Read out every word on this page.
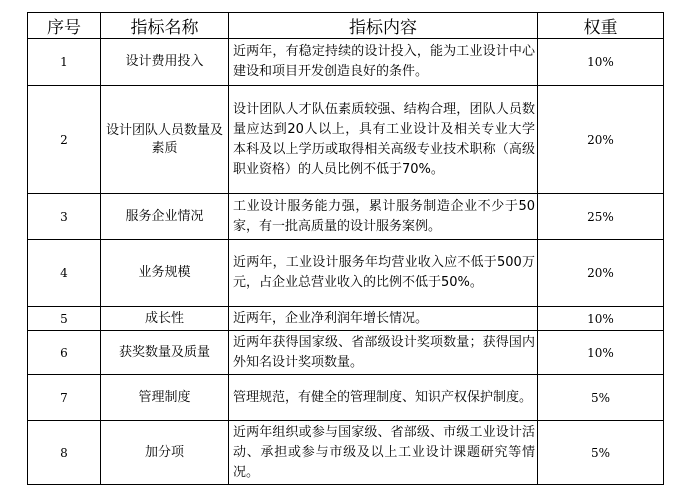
序号	指标名称	指标内容	权重
1	设计费用投入	近两年，有稳定持续的设计投入，能为工业设计中心建设和项目开发创造良好的条件。	10%
2	设计团队人员数量及素质	设计团队人才队伍素质较强、结构合理，团队人员数量应达到20人以上，具有工业设计及相关专业大学本科及以上学历或取得相关高级专业技术职称（高级职业资格）的人员比例不低于70%。	20%
3	服务企业情况	工业设计服务能力强，累计服务制造企业不少于50家，有一批高质量的设计服务案例。	25%
4	业务规模	近两年，工业设计服务年均营业收入应不低于500万元，占企业总营业收入的比例不低于50%。	20%
5	成长性	近两年，企业净利润年增长情况。	10%
6	获奖数量及质量	近两年获得国家级、省部级设计奖项数量；获得国内外知名设计奖项数量。	10%
7	管理制度	管理规范，有健全的管理制度、知识产权保护制度。	5%
8	加分项	近两年组织或参与国家级、省部级、市级工业设计活动、承担或参与市级及以上工业设计课题研究等情况。	5%
